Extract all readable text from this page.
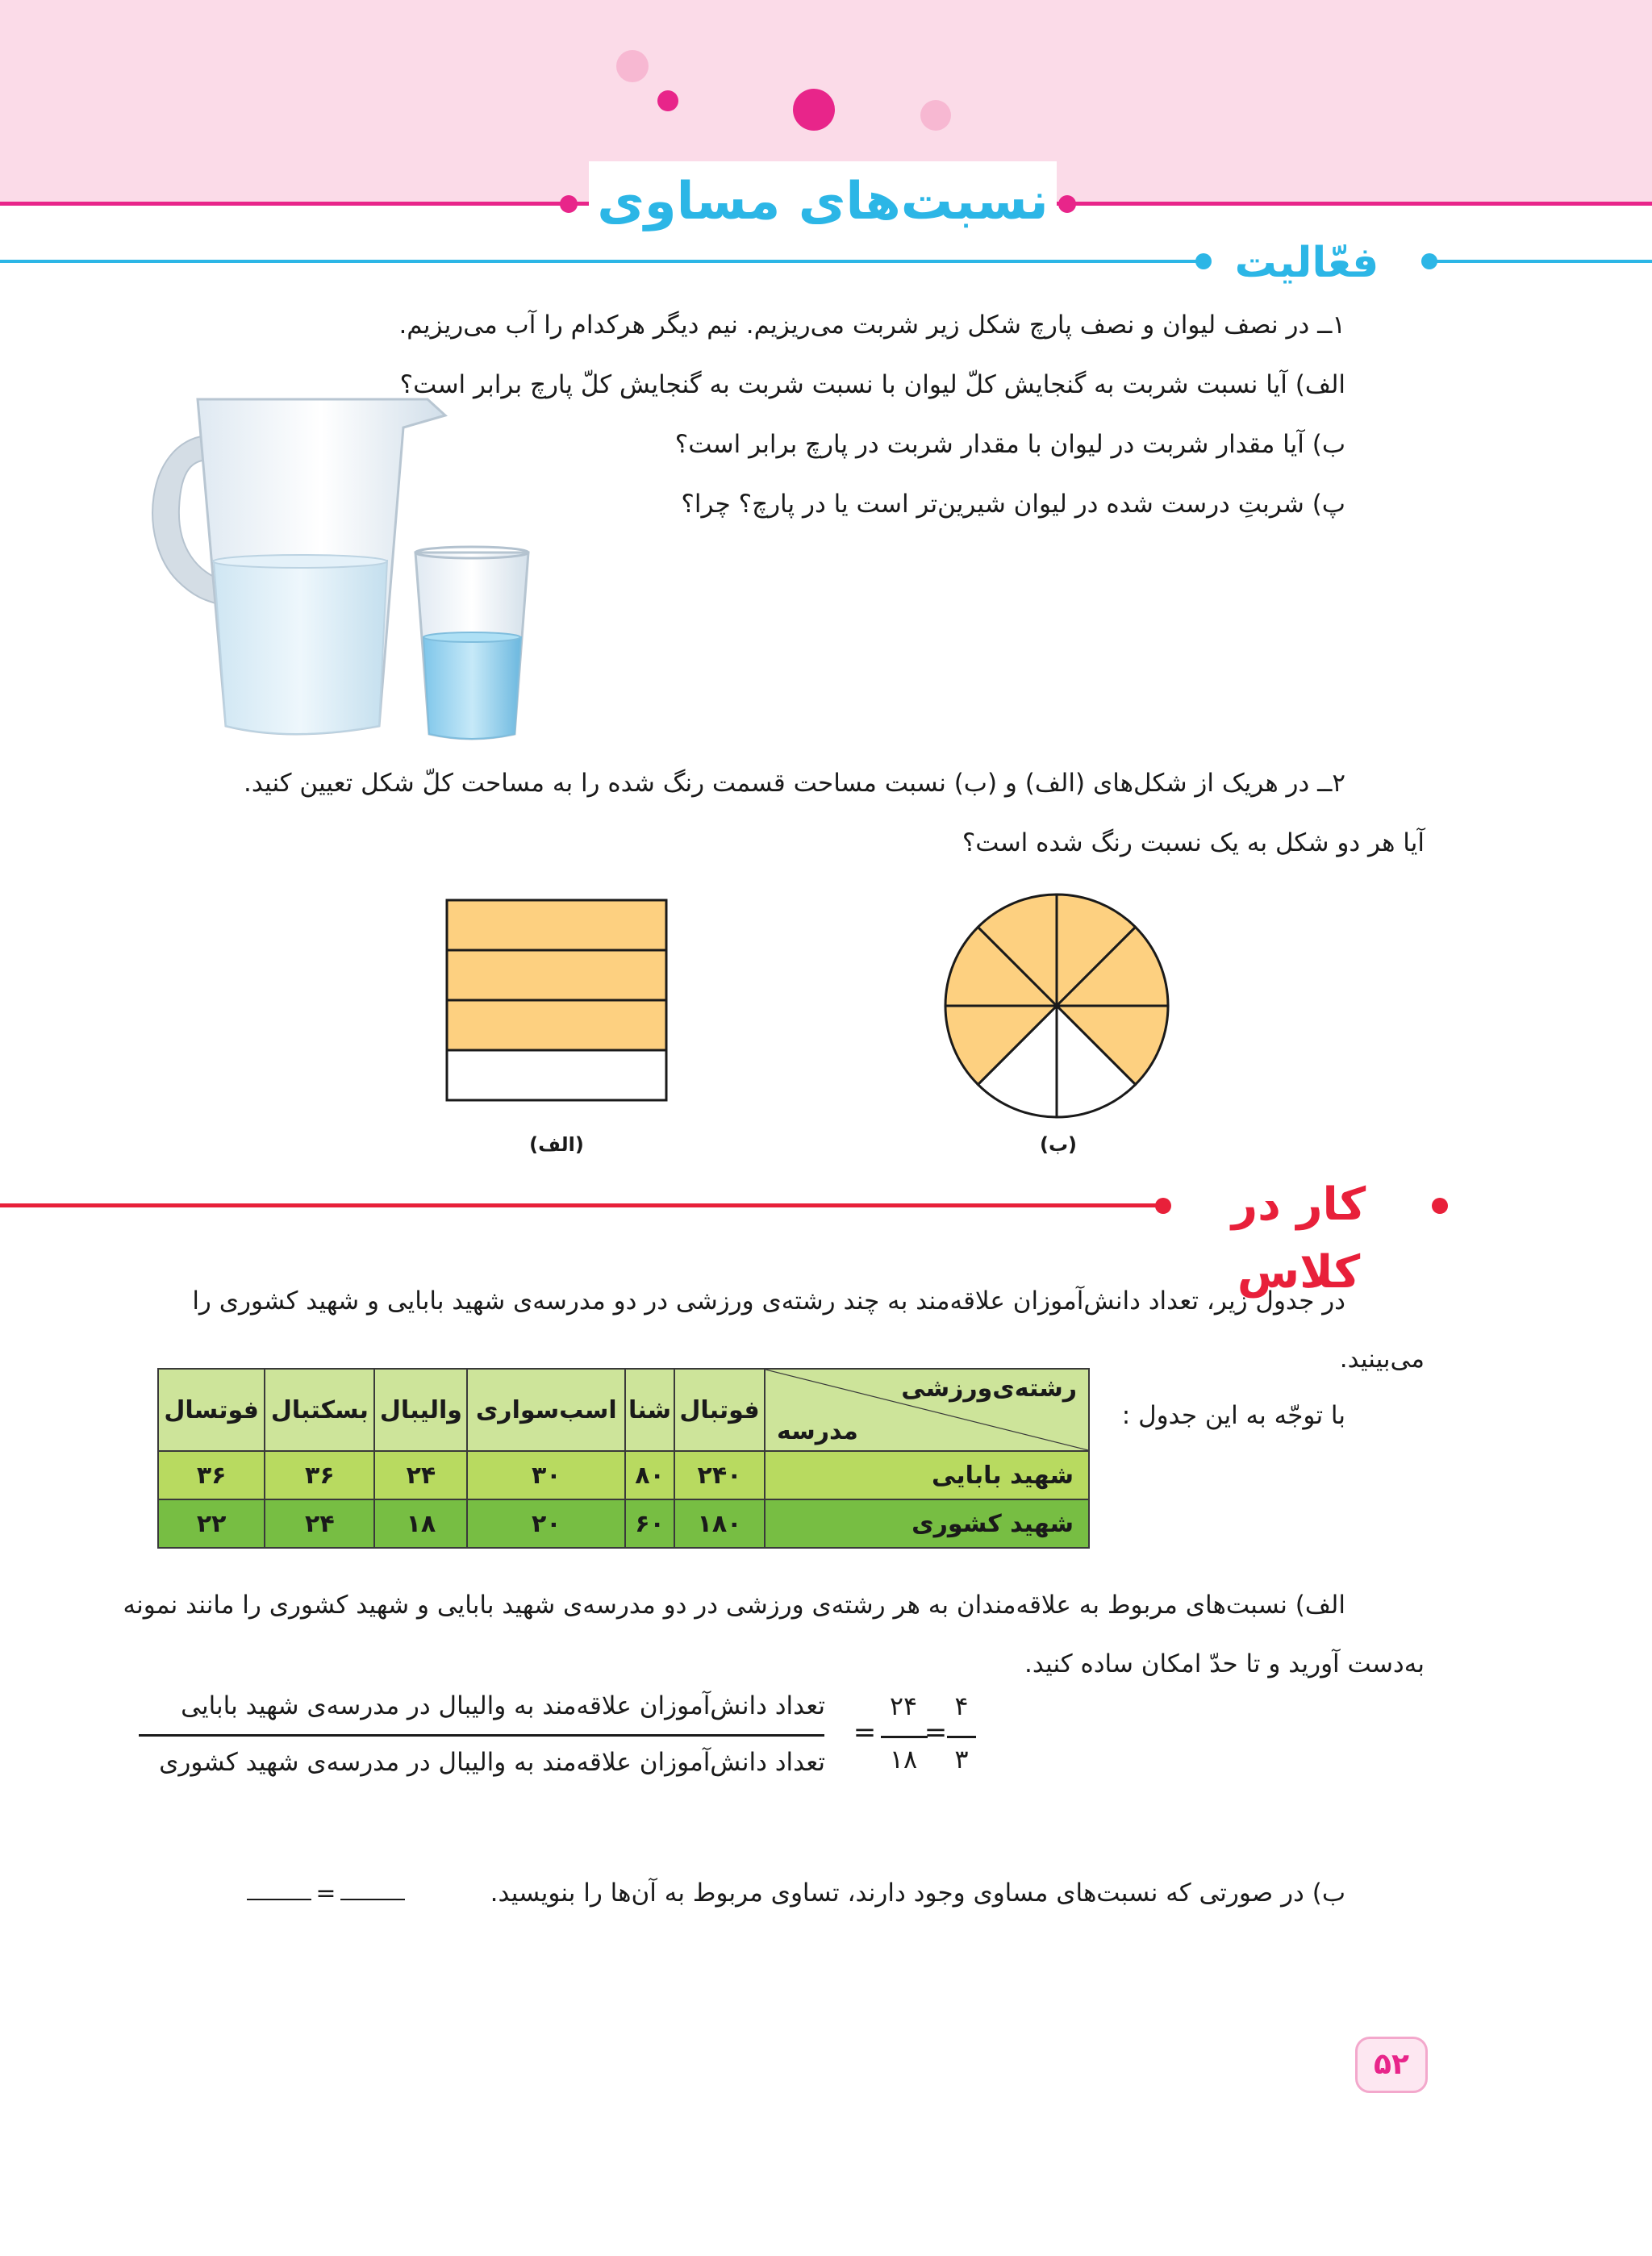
نسبت‌های مساوی
فعّالیت
۱ــ در نصف لیوان و نصف پارچ شکل زیر شربت می‌ریزیم. نیم دیگر هرکدام را آب می‌ریزیم.
الف) آیا نسبت شربت به گنجایش کلّ لیوان با نسبت شربت به گنجایش کلّ پارچ برابر است؟
ب) آیا مقدار شربت در لیوان با مقدار شربت در پارچ برابر است؟
پ) شربتِ درست شده در لیوان شیرین‌تر است یا در پارچ؟ چرا؟
۲ــ در هریک از شکل‌های (الف) و (ب) نسبت مساحت قسمت رنگ شده را به مساحت کلّ شکل تعیین کنید.
آیا هر دو شکل به یک نسبت رنگ شده است؟
(الف)	(ب)
کار در کلاس
در جدول زیر، تعداد دانش‌آموزان علاقه‌مند به چند رشته‌ی ورزشی در دو مدرسه‌ی شهید بابایی و شهید کشوری را
می‌بینید.
با توجّه به این جدول :
رشته‌ی‌ورزشی
مدرسه	فوتبال	شنا	اسب‌سواری	والیبال	بسکتبال	فوتسال
شهید بابایی	۲۴۰	۸۰	۳۰	۲۴	۳۶	۳۶
شهید کشوری	۱۸۰	۶۰	۲۰	۱۸	۲۴	۲۲
الف) نسبت‌های مربوط به علاقه‌مندان به هر رشته‌ی ورزشی در دو مدرسه‌ی شهید بابایی و شهید کشوری را مانند نمونه
به‌دست آورید و تا حدّ امکان ساده کنید.
تعداد دانش‌آموزان علاقه‌مند به والیبال در مدرسه‌ی شهید بابایی
تعداد دانش‌آموزان علاقه‌مند به والیبال در مدرسه‌ی شهید کشوری
=
۲۴
۱۸
=
۴
۳
ب) در صورتی که نسبت‌های مساوی وجود دارند، تساوی مربوط به آن‌ها را بنویسید.
=
۵۲
